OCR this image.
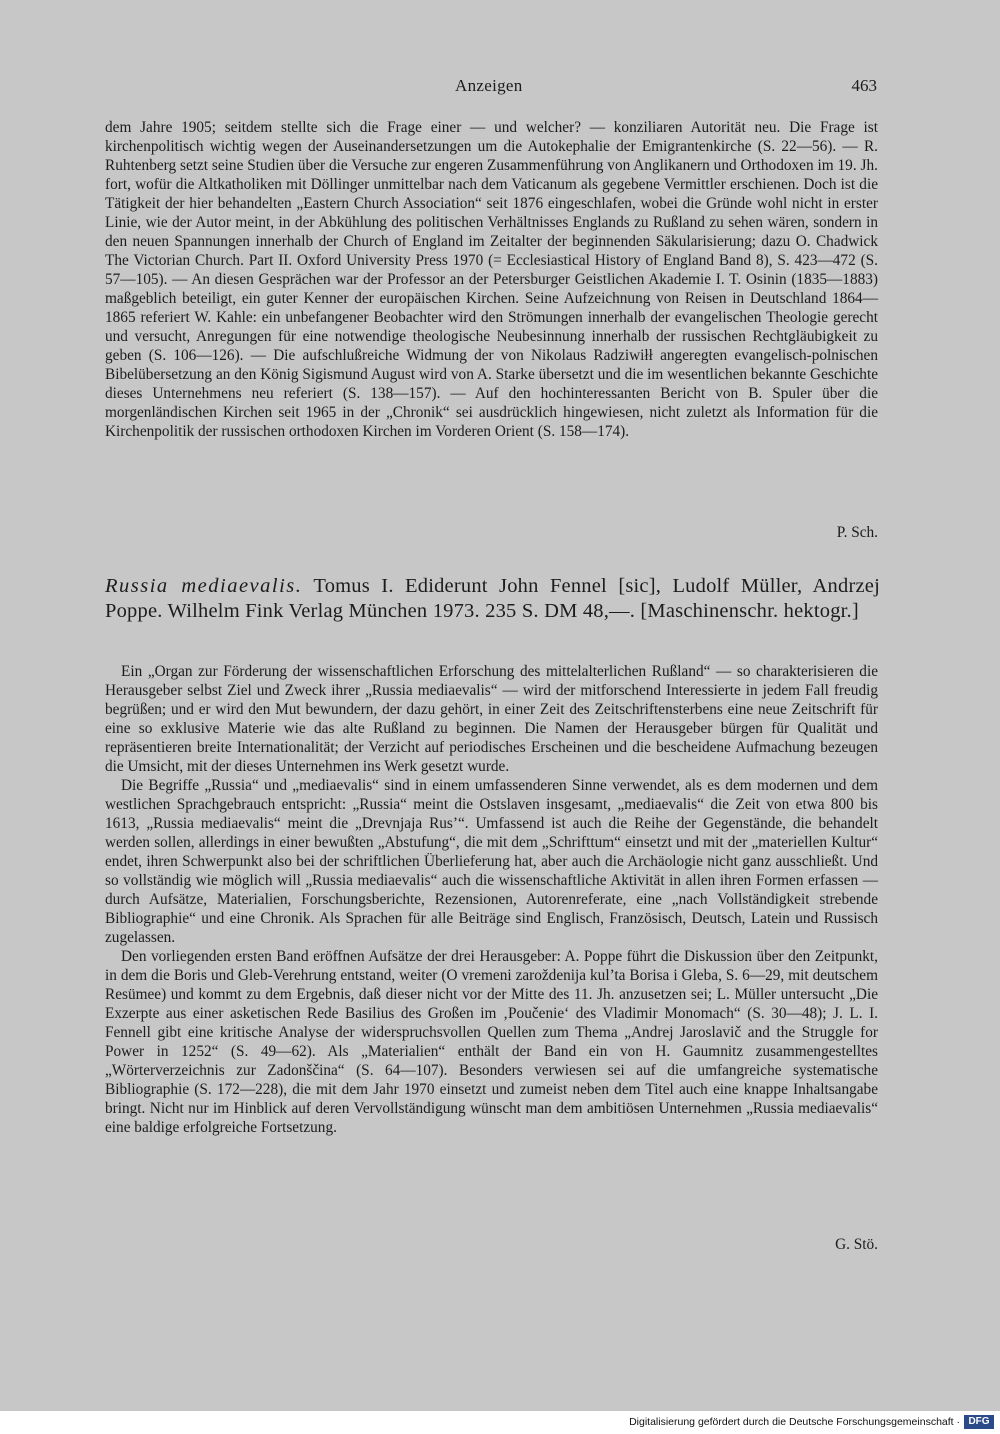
Anzeigen	463

dem Jahre 1905; seitdem stellte sich die Frage einer — und welcher? — konziliaren Autorität neu. Die Frage ist kirchenpolitisch wichtig wegen der Auseinandersetzungen um die Autokephalie der Emigrantenkirche (S. 22—56). — R. Ruhtenberg setzt seine Studien über die Versuche zur engeren Zusammenführung von Anglikanern und Orthodoxen im 19. Jh. fort, wofür die Altkatholiken mit Döllinger unmittelbar nach dem Vaticanum als gegebene Vermittler erschienen. Doch ist die Tätigkeit der hier behandelten „Eastern Church Association“ seit 1876 eingeschlafen, wobei die Gründe wohl nicht in erster Linie, wie der Autor meint, in der Abkühlung des politischen Verhältnisses Englands zu Rußland zu sehen wären, sondern in den neuen Spannungen innerhalb der Church of England im Zeitalter der beginnenden Säkularisierung; dazu O. Chadwick The Victorian Church. Part II. Oxford University Press 1970 (= Ecclesiastical History of England Band 8), S. 423—472 (S. 57—105). — An diesen Gesprächen war der Professor an der Petersburger Geistlichen Akademie I. T. Osinin (1835—1883) maßgeblich beteiligt, ein guter Kenner der europäischen Kirchen. Seine Aufzeichnung von Reisen in Deutschland 1864—1865 referiert W. Kahle: ein unbefangener Beobachter wird den Strömungen innerhalb der evangelischen Theologie gerecht und versucht, Anregungen für eine notwendige theologische Neubesinnung innerhalb der russischen Rechtgläubigkeit zu geben (S. 106—126). — Die aufschlußreiche Widmung der von Nikolaus Radziwiłł angeregten evangelisch-polnischen Bibelübersetzung an den König Sigismund August wird von A. Starke übersetzt und die im wesentlichen bekannte Geschichte dieses Unternehmens neu referiert (S. 138—157). — Auf den hochinteressanten Bericht von B. Spuler über die morgenländischen Kirchen seit 1965 in der „Chronik“ sei ausdrücklich hingewiesen, nicht zuletzt als Information für die Kirchenpolitik der russischen orthodoxen Kirchen im Vorderen Orient (S. 158—174).

P. Sch.
Russia mediaevalis. Tomus I. Ediderunt John Fennel [sic], Ludolf Müller, Andrzej Poppe. Wilhelm Fink Verlag München 1973. 235 S. DM 48,—. [Maschinenschr. hektogr.]

Ein „Organ zur Förderung der wissenschaftlichen Erforschung des mittelalterlichen Rußland“ — so charakterisieren die Herausgeber selbst Ziel und Zweck ihrer „Russia mediaevalis“ — wird der mitforschend Interessierte in jedem Fall freudig begrüßen; und er wird den Mut bewundern, der dazu gehört, in einer Zeit des Zeitschriftensterbens eine neue Zeitschrift für eine so exklusive Materie wie das alte Rußland zu beginnen. Die Namen der Herausgeber bürgen für Qualität und repräsentieren breite Internationalität; der Verzicht auf periodisches Erscheinen und die bescheidene Aufmachung bezeugen die Umsicht, mit der dieses Unternehmen ins Werk gesetzt wurde.

Die Begriffe „Russia“ und „mediaevalis“ sind in einem umfassenderen Sinne verwendet, als es dem modernen und dem westlichen Sprachgebrauch entspricht: „Russia“ meint die Ostslaven insgesamt, „mediaevalis“ die Zeit von etwa 800 bis 1613, „Russia mediaevalis“ meint die „Drevnjaja Rus’“. Umfassend ist auch die Reihe der Gegenstände, die behandelt werden sollen, allerdings in einer bewußten „Abstufung“, die mit dem „Schrifttum“ einsetzt und mit der „materiellen Kultur“ endet, ihren Schwerpunkt also bei der schriftlichen Überlieferung hat, aber auch die Archäologie nicht ganz ausschließt. Und so vollständig wie möglich will „Russia mediaevalis“ auch die wissenschaftliche Aktivität in allen ihren Formen erfassen — durch Aufsätze, Materialien, Forschungsberichte, Rezensionen, Autorenreferate, eine „nach Vollständigkeit strebende Bibliographie“ und eine Chronik. Als Sprachen für alle Beiträge sind Englisch, Französisch, Deutsch, Latein und Russisch zugelassen.

Den vorliegenden ersten Band eröffnen Aufsätze der drei Herausgeber: A. Poppe führt die Diskussion über den Zeitpunkt, in dem die Boris und Gleb-Verehrung entstand, weiter (O vremeni zaroždenija kul’ta Borisa i Gleba, S. 6—29, mit deutschem Resümee) und kommt zu dem Ergebnis, daß dieser nicht vor der Mitte des 11. Jh. anzusetzen sei; L. Müller untersucht „Die Exzerpte aus einer asketischen Rede Basilius des Großen im ‚Poučenie‘ des Vladimir Monomach“ (S. 30—48); J. L. I. Fennell gibt eine kritische Analyse der widerspruchsvollen Quellen zum Thema „Andrej Jaroslavič and the Struggle for Power in 1252“ (S. 49—62). Als „Materialien“ enthält der Band ein von H. Gaumnitz zusammengestelltes „Wörterverzeichnis zur Zadonščina“ (S. 64—107). Besonders verwiesen sei auf die umfangreiche systematische Bibliographie (S. 172—228), die mit dem Jahr 1970 einsetzt und zumeist neben dem Titel auch eine knappe Inhaltsangabe bringt. Nicht nur im Hinblick auf deren Vervollständigung wünscht man dem ambitiösen Unternehmen „Russia mediaevalis“ eine baldige erfolgreiche Fortsetzung.

G. Stö.
Digitalisierung gefördert durch die Deutsche Forschungsgemeinschaft · DFG
